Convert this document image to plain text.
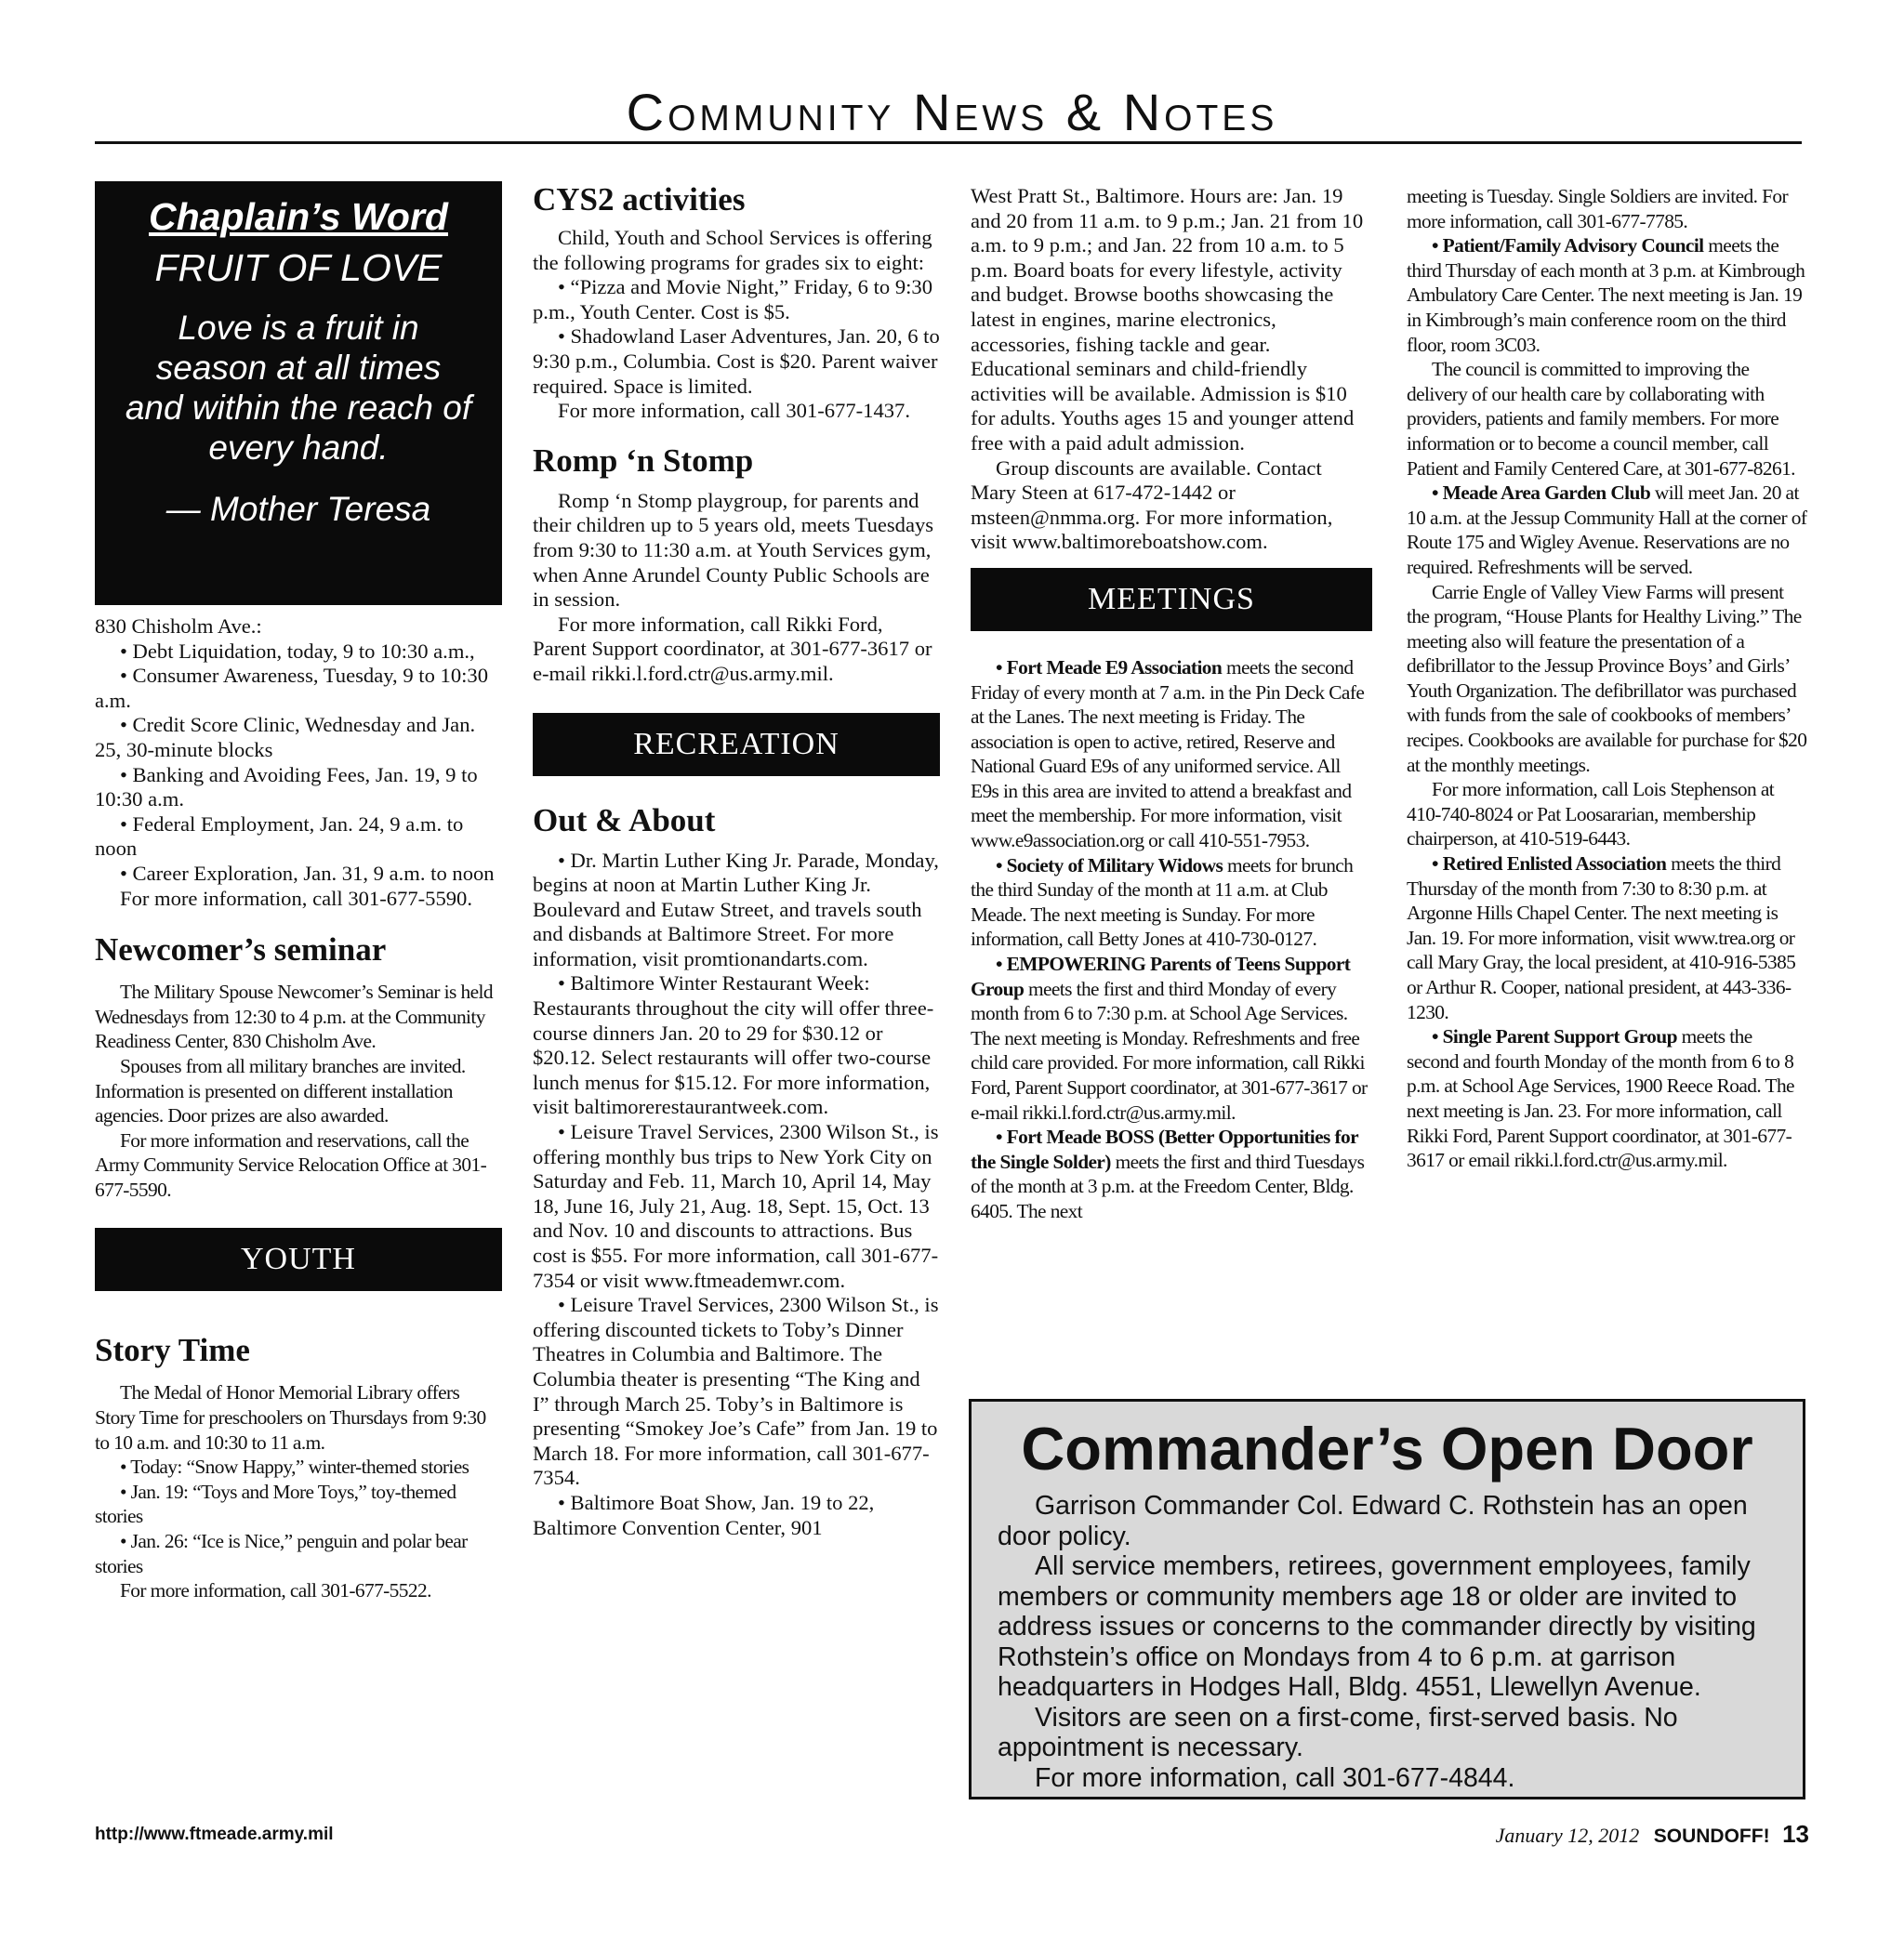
Community News & Notes
Chaplain’s Word
FRUIT OF LOVE
Love is a fruit in
season at all times
and within the reach of
every hand.
— Mother Teresa

830 Chisholm Ave.:

• Debt Liquidation, today, 9 to 10:30 a.m.,

• Consumer Awareness, Tuesday, 9 to 10:30 a.m.

• Credit Score Clinic, Wednesday and Jan. 25, 30-minute blocks

• Banking and Avoiding Fees, Jan. 19, 9 to 10:30 a.m.

• Federal Employment, Jan. 24, 9 a.m. to noon

• Career Exploration, Jan. 31, 9 a.m. to noon

For more information, call 301-677-5590.

Newcomer’s seminar

The Military Spouse Newcomer’s Seminar is held Wednesdays from 12:30 to 4 p.m. at the Community Readiness Center, 830 Chisholm Ave.

Spouses from all military branches are invited. Information is presented on different installation agencies. Door prizes are also awarded.

For more information and reservations, call the Army Community Service Relocation Office at 301-677-5590.

YOUTH
Story Time

The Medal of Honor Memorial Library offers Story Time for preschoolers on Thursdays from 9:30 to 10 a.m. and 10:30 to 11 a.m.

• Today: “Snow Happy,” winter-themed stories

• Jan. 19: “Toys and More Toys,” toy-themed stories

• Jan. 26: “Ice is Nice,” penguin and polar bear stories

For more information, call 301-677-5522.

CYS2 activities

Child, Youth and School Services is offering the following programs for grades six to eight:

• “Pizza and Movie Night,” Friday, 6 to 9:30 p.m., Youth Center. Cost is $5.

• Shadowland Laser Adventures, Jan. 20, 6 to 9:30 p.m., Columbia. Cost is $20. Parent waiver required. Space is limited.

For more information, call 301-677-1437.

Romp ‘n Stomp

Romp ‘n Stomp playgroup, for parents and their children up to 5 years old, meets Tuesdays from 9:30 to 11:30 a.m. at Youth Services gym, when Anne Arundel County Public Schools are in session.

For more information, call Rikki Ford, Parent Support coordinator, at 301-677-3617 or e-mail rikki.l.ford.ctr@us.army.mil.

RECREATION
Out & About

• Dr. Martin Luther King Jr. Parade, Monday, begins at noon at Martin Luther King Jr. Boulevard and Eutaw Street, and travels south and disbands at Baltimore Street. For more information, visit promtionandarts.com.

• Baltimore Winter Restaurant Week: Restaurants throughout the city will offer three-course dinners Jan. 20 to 29 for $30.12 or $20.12. Select restaurants will offer two-course lunch menus for $15.12. For more information, visit baltimorerestaurantweek.com.

• Leisure Travel Services, 2300 Wilson St., is offering monthly bus trips to New York City on Saturday and Feb. 11, March 10, April 14, May 18, June 16, July 21, Aug. 18, Sept. 15, Oct. 13 and Nov. 10 and discounts to attractions. Bus cost is $55. For more information, call 301-677-7354 or visit www.ftmeademwr.com.

• Leisure Travel Services, 2300 Wilson St., is offering discounted tickets to Toby’s Dinner Theatres in Columbia and Baltimore. The Columbia theater is presenting “The King and I” through March 25. Toby’s in Baltimore is presenting “Smokey Joe’s Cafe” from Jan. 19 to March 18. For more information, call 301-677-7354.

• Baltimore Boat Show, Jan. 19 to 22, Baltimore Convention Center, 901

West Pratt St., Baltimore. Hours are: Jan. 19 and 20 from 11 a.m. to 9 p.m.; Jan. 21 from 10 a.m. to 9 p.m.; and Jan. 22 from 10 a.m. to 5 p.m. Board boats for every lifestyle, activity and budget. Browse booths showcasing the latest in engines, marine electronics, accessories, fishing tackle and gear. Educational seminars and child-friendly activities will be available. Admission is $10 for adults. Youths ages 15 and younger attend free with a paid adult admission.

Group discounts are available. Contact Mary Steen at 617-472-1442 or msteen@nmma.org. For more information, visit www.baltimoreboatshow.com.

MEETINGS

• Fort Meade E9 Association meets the second Friday of every month at 7 a.m. in the Pin Deck Cafe at the Lanes. The next meeting is Friday. The association is open to active, retired, Reserve and National Guard E9s of any uniformed service. All E9s in this area are invited to attend a breakfast and meet the membership. For more information, visit www.e9association.org or call 410-551-7953.

• Society of Military Widows meets for brunch the third Sunday of the month at 11 a.m. at Club Meade. The next meeting is Sunday. For more information, call Betty Jones at 410-730-0127.

• EMPOWERING Parents of Teens Support Group meets the first and third Monday of every month from 6 to 7:30 p.m. at School Age Services. The next meeting is Monday. Refreshments and free child care provided. For more information, call Rikki Ford, Parent Support coordinator, at 301-677-3617 or e-mail rikki.l.ford.ctr@us.army.mil.

• Fort Meade BOSS (Better Opportunities for the Single Solder) meets the first and third Tuesdays of the month at 3 p.m. at the Freedom Center, Bldg. 6405. The next

meeting is Tuesday. Single Soldiers are invited. For more information, call 301-677-7785.

• Patient/Family Advisory Council meets the third Thursday of each month at 3 p.m. at Kimbrough Ambulatory Care Center. The next meeting is Jan. 19 in Kimbrough’s main conference room on the third floor, room 3C03.

The council is committed to improving the delivery of our health care by collaborating with providers, patients and family members. For more information or to become a council member, call Patient and Family Centered Care, at 301-677-8261.

• Meade Area Garden Club will meet Jan. 20 at 10 a.m. at the Jessup Community Hall at the corner of Route 175 and Wigley Avenue. Reservations are no required. Refreshments will be served.

Carrie Engle of Valley View Farms will present the program, “House Plants for Healthy Living.” The meeting also will feature the presentation of a defibrillator to the Jessup Province Boys’ and Girls’ Youth Organization. The defibrillator was purchased with funds from the sale of cookbooks of members’ recipes. Cookbooks are available for purchase for $20 at the monthly meetings.

For more information, call Lois Stephenson at 410-740-8024 or Pat Loosararian, membership chairperson, at 410-519-6443.

• Retired Enlisted Association meets the third Thursday of the month from 7:30 to 8:30 p.m. at Argonne Hills Chapel Center. The next meeting is Jan. 19. For more information, visit www.trea.org or call Mary Gray, the local president, at 410-916-5385 or Arthur R. Cooper, national president, at 443-336-1230.

• Single Parent Support Group meets the second and fourth Monday of the month from 6 to 8 p.m. at School Age Services, 1900 Reece Road. The next meeting is Jan. 23. For more information, call Rikki Ford, Parent Support coordinator, at 301-677-3617 or email rikki.l.ford.ctr@us.army.mil.

Commander’s Open Door

Garrison Commander Col. Edward C. Rothstein has an open door policy.

All service members, retirees, government employees, family members or community members age 18 or older are invited to address issues or concerns to the commander directly by visiting Rothstein’s office on Mondays from 4 to 6 p.m. at garrison headquarters in Hodges Hall, Bldg. 4551, Llewellyn Avenue.

Visitors are seen on a first-come, first-served basis. No appointment is necessary.

For more information, call 301-677-4844.

http://www.ftmeade.army.mil	January 12, 2012 SOUNDOFF! 13
